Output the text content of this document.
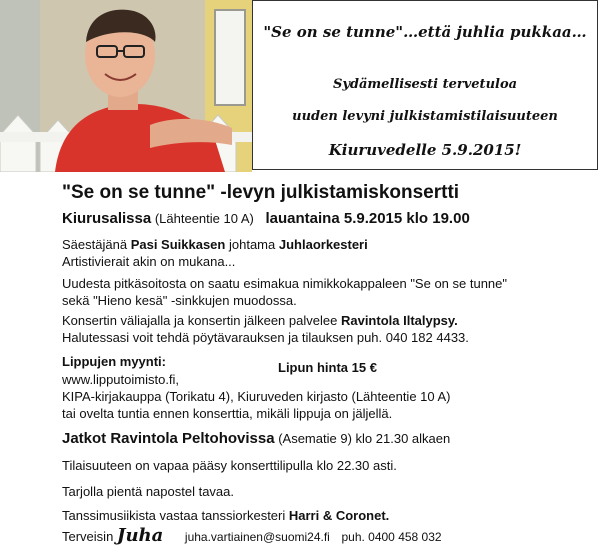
"Se on se tunne"…että juhlia pukkaa…
Sydämellisesti tervetuloa
uuden levyni julkistamistilaisuuteen
Kiuruvedelle 5.9.2015!
"Se on se tunne" -levyn julkistamiskonsertti
Kiurusalissa (Lähteentie 10 A) lauantaina 5.9.2015 klo 19.00
Säestäjänä Pasi Suikkasen johtama Juhlaorkesteri
Artistivierait akin on mukana...
Uudesta pitkäsoitosta on saatu esimakua nimikkokappaleen "Se on se tunne"
sekä "Hieno kesä" -sinkkujen muodossa.
Konsertin väliajalla ja konsertin jälkeen palvelee Ravintola Iltalypsy.
Halutessasi voit tehdä pöytävarauksen ja tilauksen puh. 040 182 4433.
Lippujen myynti:	Lipun hinta 15 €
www.lipputoimisto.fi,
KIPA-kirjakauppa (Torikatu 4), Kiuruveden kirjasto (Lähteentie 10 A)
tai ovelta tuntia ennen konserttia, mikäli lippuja on jäljellä.
Jatkot Ravintola Peltohovissa (Asematie 9) klo 21.30 alkaen
Tilaisuuteen on vapaa pääsy konserttilipulla klo 22.30 asti.
Tarjolla pientä napostel tavaa.
Tanssimusiikista vastaa tanssiorkesteri Harri & Coronet.
Terveisin Juha juha.vartiainen@suomi24.fi puh. 0400 458 032
